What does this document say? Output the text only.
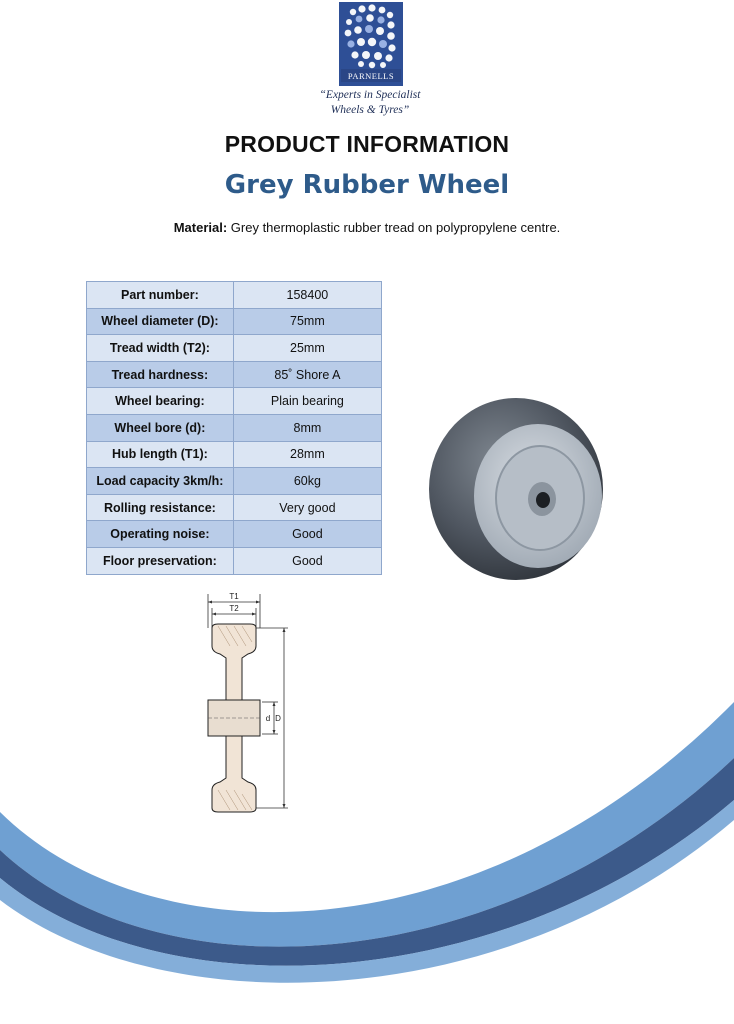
PARNELLS
“Experts in Specialist
Wheels & Tyres”
PRODUCT INFORMATION
Grey Rubber Wheel
Material: Grey thermoplastic rubber tread on polypropylene centre.
Part number:	158400
Wheel diameter (D):	75mm
Tread width (T2):	25mm
Tread hardness:	85˚ Shore A
Wheel bearing:	Plain bearing
Wheel bore (d):	8mm
Hub length (T1):	28mm
Load capacity 3km/h:	60kg
Rolling resistance:	Very good
Operating noise:	Good
Floor preservation:	Good
T1
T2
d D
